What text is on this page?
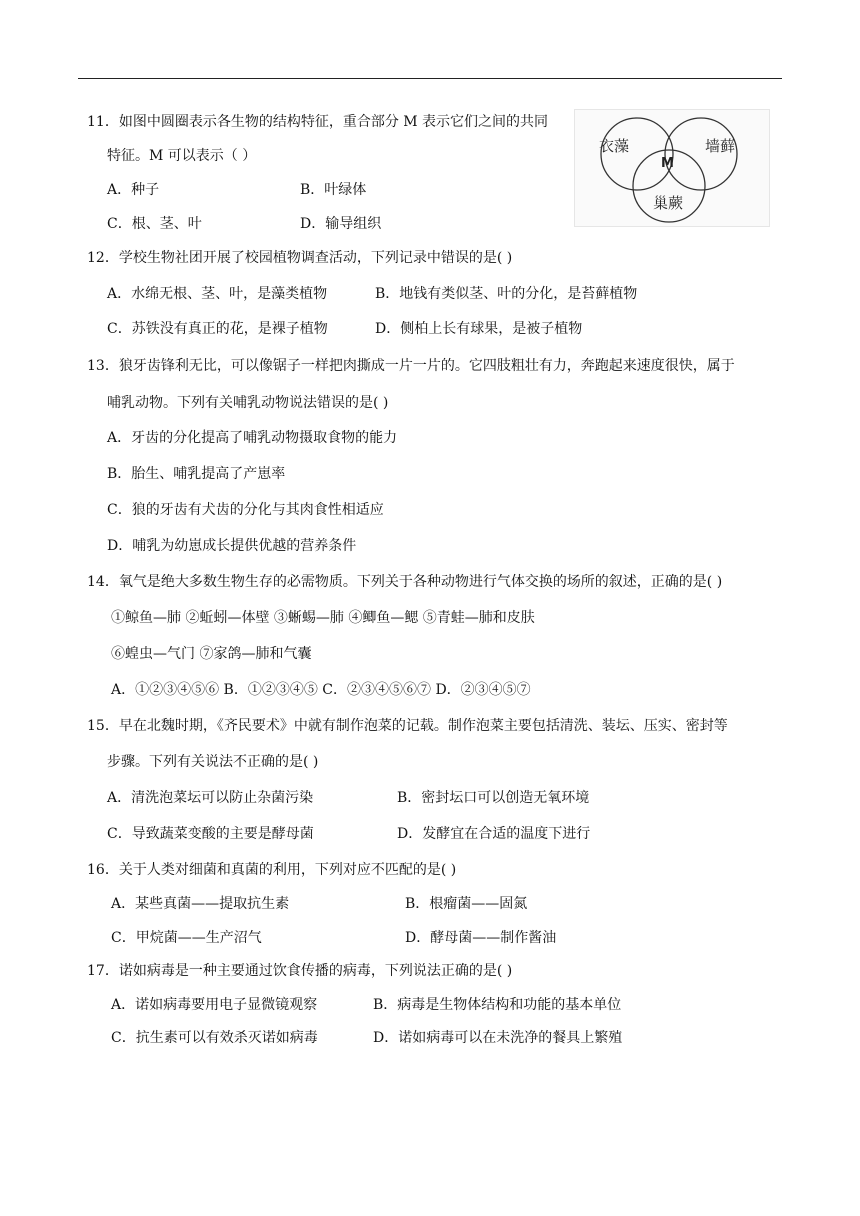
11．如图中圆圈表示各生物的结构特征，重合部分 M 表示它们之间的共同
特征。M 可以表示（ ）
A．种子	B．叶绿体
C．根、茎、叶	D．输导组织
衣藻	墙藓
巢蕨
M
12．学校生物社团开展了校园植物调查活动，下列记录中错误的是( )
A．水绵无根、茎、叶，是藻类植物	B．地钱有类似茎、叶的分化，是苔藓植物
C．苏铁没有真正的花，是裸子植物	D．侧柏上长有球果，是被子植物
13．狼牙齿锋利无比，可以像锯子一样把肉撕成一片一片的。它四肢粗壮有力，奔跑起来速度很快，属于
哺乳动物。下列有关哺乳动物说法错误的是( )
A．牙齿的分化提高了哺乳动物摄取食物的能力
B．胎生、哺乳提高了产崽率
C．狼的牙齿有犬齿的分化与其肉食性相适应
D．哺乳为幼崽成长提供优越的营养条件
14．氧气是绝大多数生物生存的必需物质。下列关于各种动物进行气体交换的场所的叙述，正确的是( )
①鲸鱼—肺 ②蚯蚓—体壁 ③蜥蜴—肺 ④鲫鱼—鳃 ⑤青蛙—肺和皮肤
⑥蝗虫—气门 ⑦家鸽—肺和气囊
A．①②③④⑤⑥ B．①②③④⑤ C．②③④⑤⑥⑦ D．②③④⑤⑦
15．早在北魏时期，《齐民要术》中就有制作泡菜的记载。制作泡菜主要包括清洗、装坛、压实、密封等
步骤。下列有关说法不正确的是( )
A．清洗泡菜坛可以防止杂菌污染	B．密封坛口可以创造无氧环境
C．导致蔬菜变酸的主要是酵母菌	D．发酵宜在合适的温度下进行
16．关于人类对细菌和真菌的利用，下列对应不匹配的是( )
A．某些真菌——提取抗生素	B．根瘤菌——固氮
C．甲烷菌——生产沼气	D．酵母菌——制作酱油
17．诺如病毒是一种主要通过饮食传播的病毒，下列说法正确的是( )
A．诺如病毒要用电子显微镜观察	B．病毒是生物体结构和功能的基本单位
C．抗生素可以有效杀灭诺如病毒	D．诺如病毒可以在未洗净的餐具上繁殖
